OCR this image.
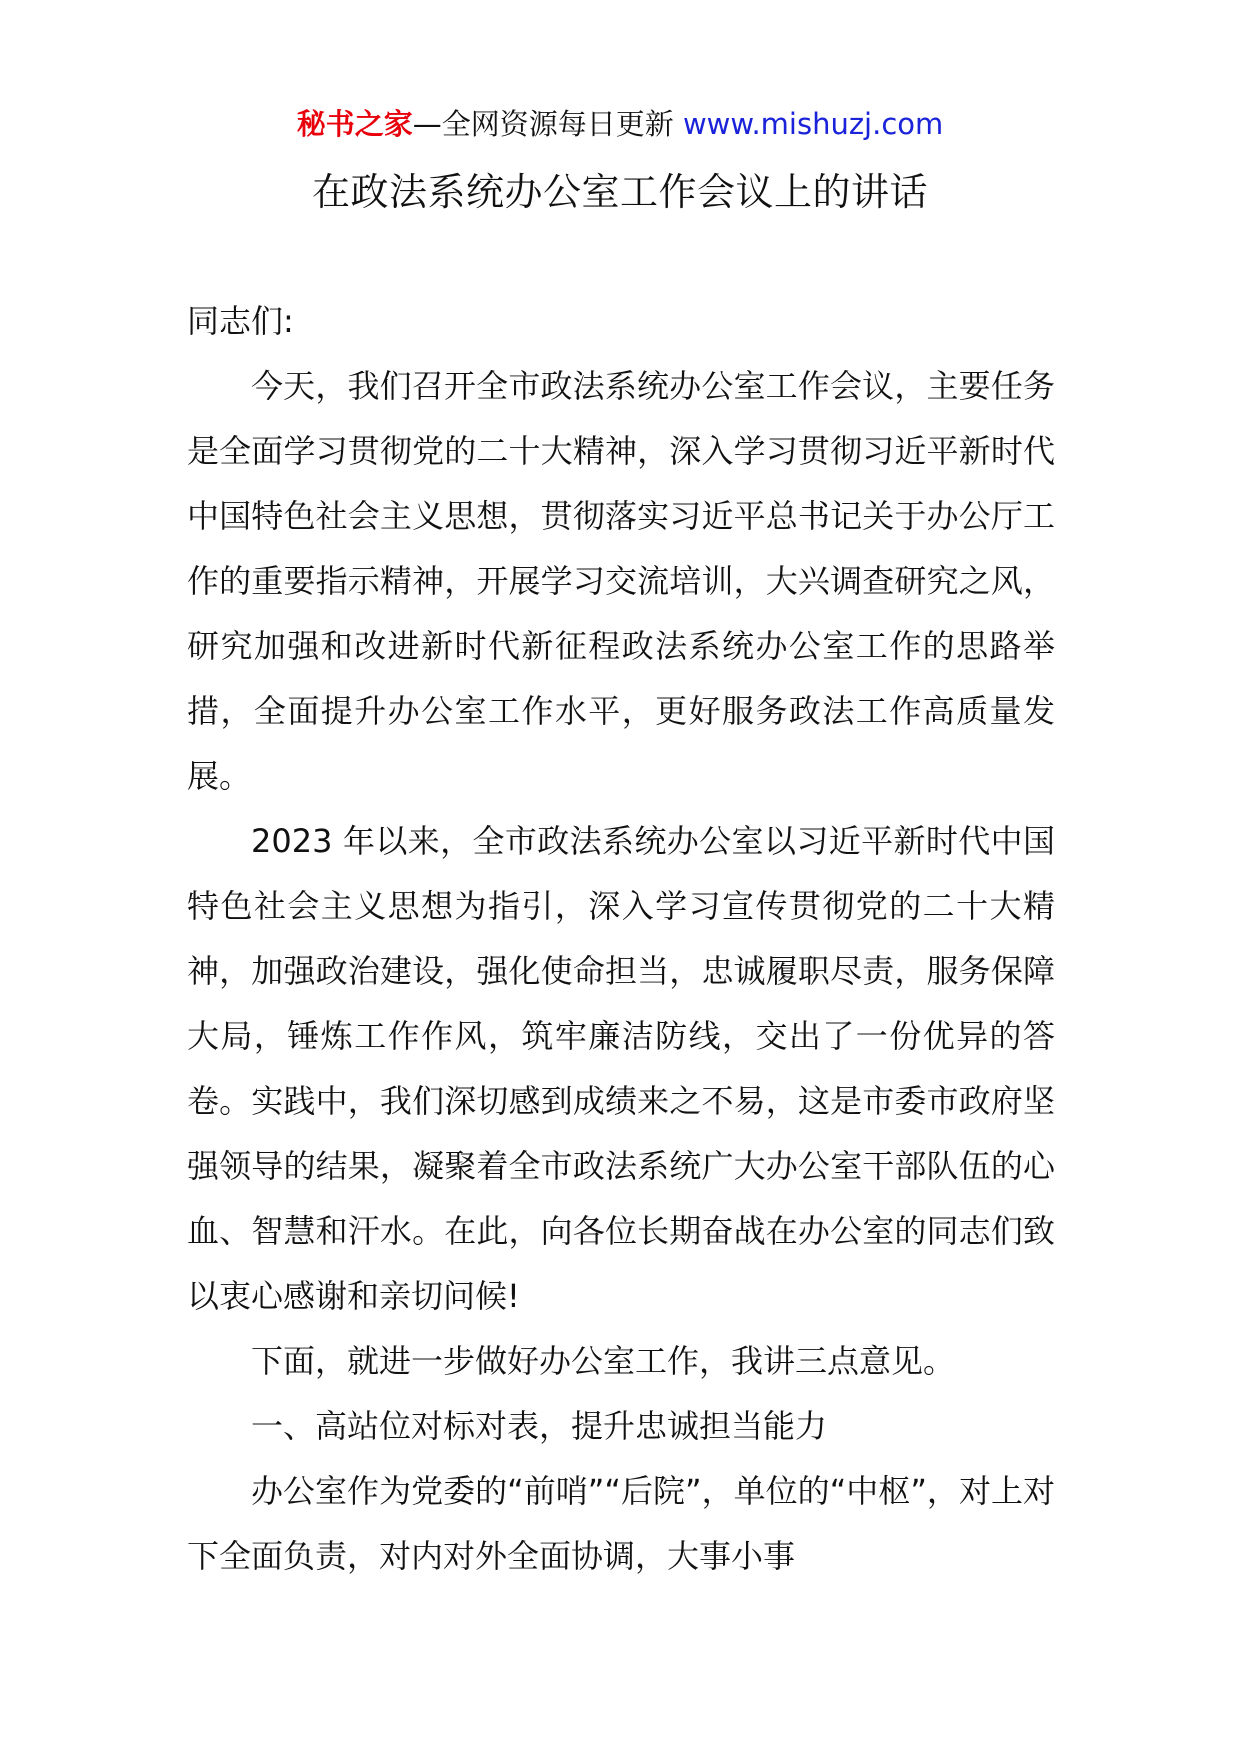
秘书之家—全网资源每日更新 www.mishuzj.com
在政法系统办公室工作会议上的讲话

同志们:

今天，我们召开全市政法系统办公室工作会议，主要任务是全面学习贯彻党的二十大精神，深入学习贯彻习近平新时代中国特色社会主义思想，贯彻落实习近平总书记关于办公厅工作的重要指示精神，开展学习交流培训，大兴调查研究之风，研究加强和改进新时代新征程政法系统办公室工作的思路举措，全面提升办公室工作水平，更好服务政法工作高质量发展。

2023 年以来，全市政法系统办公室以习近平新时代中国特色社会主义思想为指引，深入学习宣传贯彻党的二十大精神，加强政治建设，强化使命担当，忠诚履职尽责，服务保障大局，锤炼工作作风，筑牢廉洁防线，交出了一份优异的答卷。实践中，我们深切感到成绩来之不易，这是市委市政府坚强领导的结果，凝聚着全市政法系统广大办公室干部队伍的心血、智慧和汗水。在此，向各位长期奋战在办公室的同志们致以衷心感谢和亲切问候!

下面，就进一步做好办公室工作，我讲三点意见。

一、高站位对标对表，提升忠诚担当能力

办公室作为党委的“前哨”“后院”，单位的“中枢”，对上对下全面负责，对内对外全面协调，大事小事
